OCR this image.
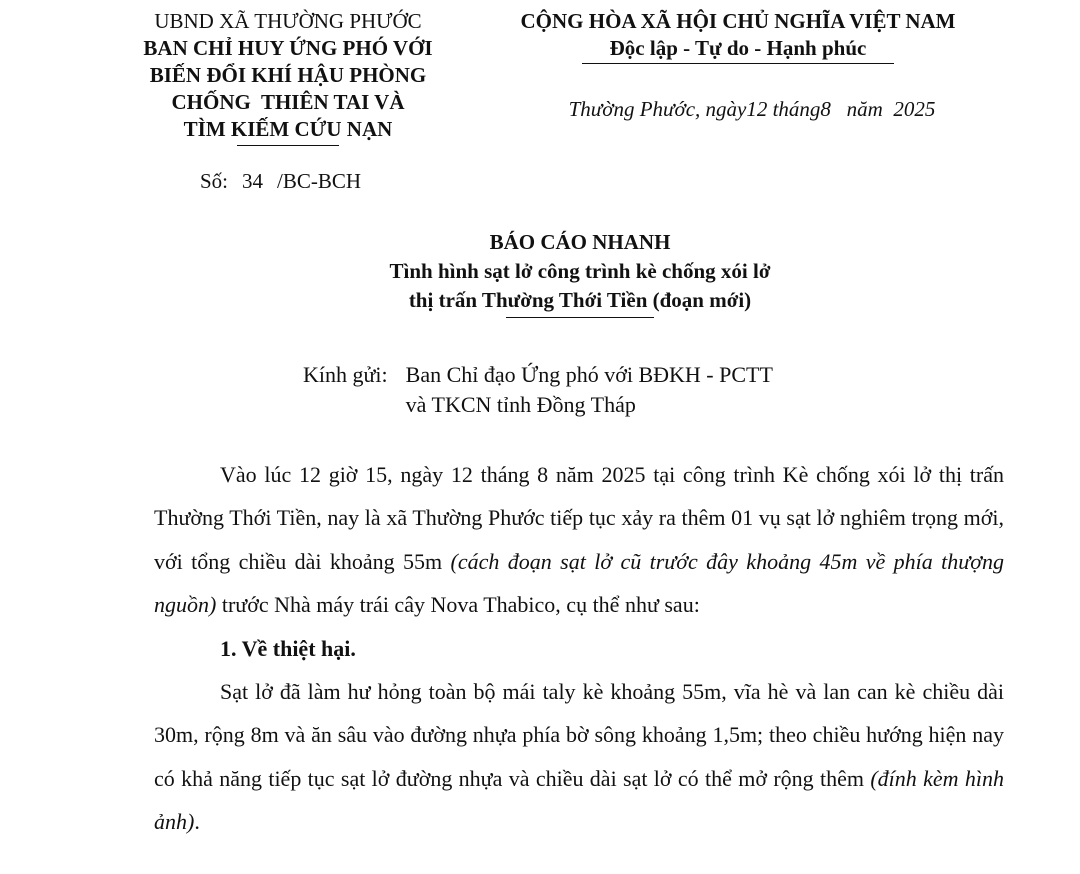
UBND XÃ THƯỜNG PHƯỚC
BAN CHỈ HUY ỨNG PHÓ VỚI
BIẾN ĐỔI KHÍ HẬU PHÒNG
CHỐNG  THIÊN TAI VÀ
TÌM KIẾM CỨU NẠN
Số: 34 /BC-BCH
CỘNG HÒA XÃ HỘI CHỦ NGHĨA VIỆT NAM
Độc lập - Tự do - Hạnh phúc
Thường Phước, ngày12 tháng8   năm  2025
BÁO CÁO NHANH
Tình hình sạt lở công trình kè chống xói lở
thị trấn Thường Thới Tiền (đoạn mới)
Kính gửi: Ban Chỉ đạo Ứng phó với BĐKH - PCTT
và TKCN tỉnh Đồng Tháp

Vào lúc 12 giờ 15, ngày 12 tháng 8 năm 2025 tại công trình Kè chống xói lở thị trấn Thường Thới Tiền, nay là xã Thường Phước tiếp tục xảy ra thêm 01 vụ sạt lở nghiêm trọng mới, với tổng chiều dài khoảng 55m (cách đoạn sạt lở cũ trước đây khoảng 45m về phía thượng nguồn) trước Nhà máy trái cây Nova Thabico, cụ thể như sau:

1. Về thiệt hại.

Sạt lở đã làm hư hỏng toàn bộ mái taly kè khoảng 55m, vĩa hè và lan can kè chiều dài 30m, rộng 8m và ăn sâu vào đường nhựa phía bờ sông khoảng 1,5m; theo chiều hướng hiện nay có khả năng tiếp tục sạt lở đường nhựa và chiều dài sạt lở có thể mở rộng thêm (đính kèm hình ảnh).
